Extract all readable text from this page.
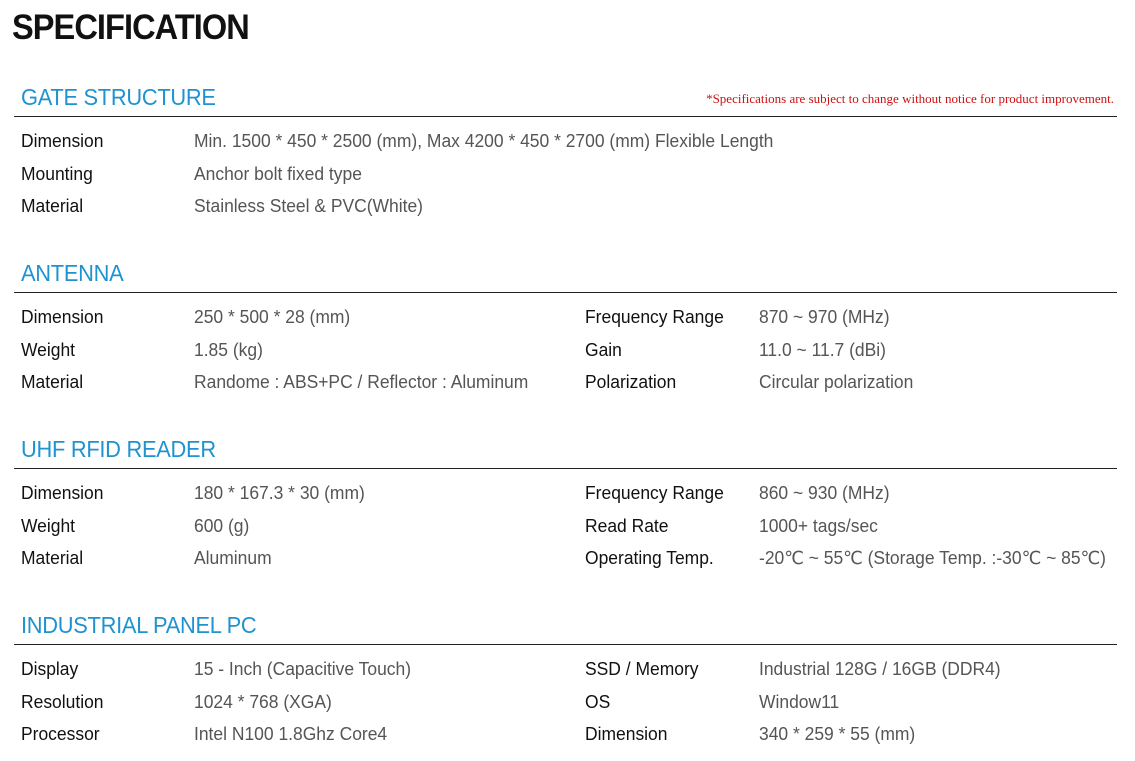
SPECIFICATION
GATE STRUCTURE	*Specifications are subject to change without notice for product improvement.
Dimension	Min. 1500 * 450 * 2500 (mm), Max 4200 * 450 * 2700 (mm) Flexible Length
Mounting	Anchor bolt fixed type
Material	Stainless Steel & PVC(White)
ANTENNA
Dimension	250 * 500 * 28 (mm)	Frequency Range 870 ~ 970 (MHz)
Weight	1.85 (kg)	Gain	11.0 ~ 11.7 (dBi)
Material	Randome : ABS+PC / Reflector : Aluminum	Polarization	Circular polarization
UHF RFID READER
Dimension	180 * 167.3 * 30 (mm)	Frequency Range 860 ~ 930 (MHz)
Weight	600 (g)	Read Rate	1000+ tags/sec
Material	Aluminum	Operating Temp.	-20℃ ~ 55℃ (Storage Temp. :-30℃ ~ 85℃)
INDUSTRIAL PANEL PC
Display	15 - Inch (Capacitive Touch)	SSD / Memory	Industrial 128G / 16GB (DDR4)
Resolution	1024 * 768 (XGA)	OS	Window11
Processor	Intel N100 1.8Ghz Core4	Dimension	340 * 259 * 55 (mm)
